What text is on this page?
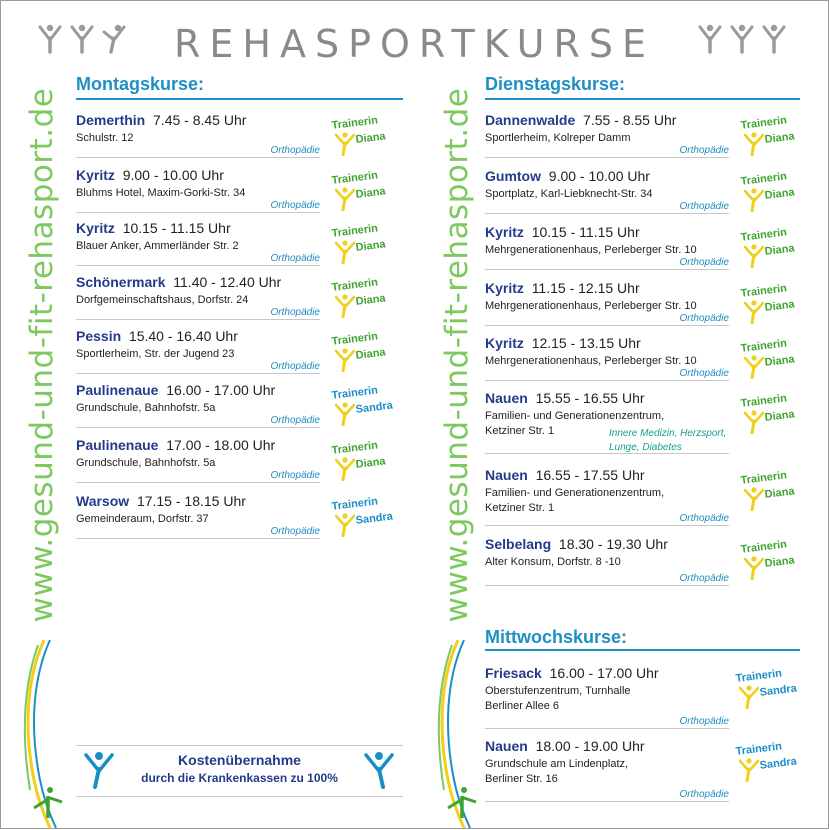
REHASPORTKURSE
www.gesund-und-fit-rehasport.de	www.gesund-und-fit-rehasport.de
Montagskurse:
Demerthin 7.45 - 8.45 Uhr
Schulstr. 12
Orthopädie
Trainerin
Diana
Kyritz 9.00 - 10.00 Uhr
Bluhms Hotel, Maxim-Gorki-Str. 34
Orthopädie
Trainerin
Diana
Kyritz 10.15 - 11.15 Uhr
Blauer Anker, Ammerländer Str. 2
Orthopädie
Trainerin
Diana
Schönermark 11.40 - 12.40 Uhr
Dorfgemeinschaftshaus, Dorfstr. 24
Orthopädie
Trainerin
Diana
Pessin 15.40 - 16.40 Uhr
Sportlerheim, Str. der Jugend 23
Orthopädie
Trainerin
Diana
Paulinenaue 16.00 - 17.00 Uhr
Grundschule, Bahnhofstr. 5a
Orthopädie
Trainerin
Sandra
Paulinenaue 17.00 - 18.00 Uhr
Grundschule, Bahnhofstr. 5a
Orthopädie
Trainerin
Diana
Warsow 17.15 - 18.15 Uhr
Gemeinderaum, Dorfstr. 37
Orthopädie
Trainerin
Sandra
Dienstagskurse:
Dannenwalde 7.55 - 8.55 Uhr
Sportlerheim, Kolreper Damm
Orthopädie
Trainerin
Diana
Gumtow 9.00 - 10.00 Uhr
Sportplatz, Karl-Liebknecht-Str. 34
Orthopädie
Trainerin
Diana
Kyritz 10.15 - 11.15 Uhr
Mehrgenerationenhaus, Perleberger Str. 10
Orthopädie
Trainerin
Diana
Kyritz 11.15 - 12.15 Uhr
Mehrgenerationenhaus, Perleberger Str. 10
Orthopädie
Trainerin
Diana
Kyritz 12.15 - 13.15 Uhr
Mehrgenerationenhaus, Perleberger Str. 10
Orthopädie
Trainerin
Diana
Nauen 15.55 - 16.55 Uhr
Familien- und Generationenzentrum,
Ketziner Str. 1	Innere Medizin, Herzsport,
Lunge, Diabetes
Trainerin
Diana
Nauen 16.55 - 17.55 Uhr
Familien- und Generationenzentrum,
Ketziner Str. 1
Orthopädie
Trainerin
Diana
Selbelang 18.30 - 19.30 Uhr
Alter Konsum, Dorfstr. 8 -10
Orthopädie
Trainerin
Diana
Mittwochskurse:
Friesack 16.00 - 17.00 Uhr
Oberstufenzentrum, Turnhalle
Berliner Allee 6
Orthopädie
Trainerin
Sandra
Nauen 18.00 - 19.00 Uhr
Grundschule am Lindenplatz,
Berliner Str. 16
Orthopädie
Trainerin
Sandra
Kostenübernahme
durch die Krankenkassen zu 100%
